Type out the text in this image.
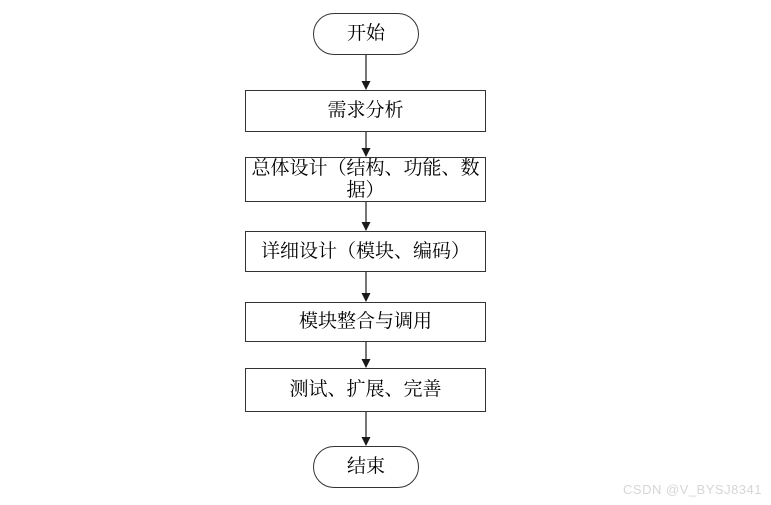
开始
需求分析
总体设计（结构、功能、数据）
详细设计（模块、编码）
模块整合与调用
测试、扩展、完善
结束
CSDN @V_BYSJ8341
